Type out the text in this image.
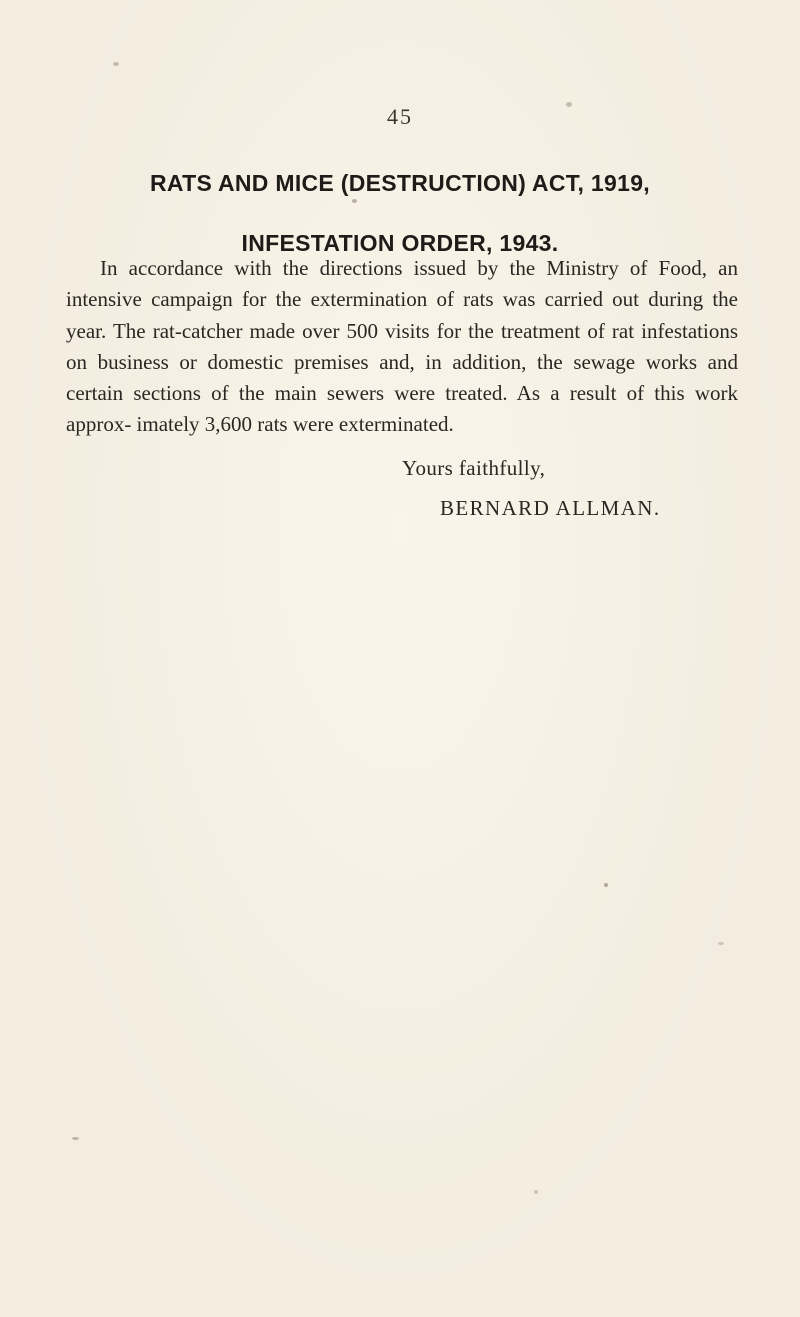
45
RATS AND MICE (DESTRUCTION) ACT, 1919,
INFESTATION ORDER, 1943.

In accordance with the directions issued by the Ministry of Food, an intensive campaign for the extermination of rats was carried out during the year. The rat-catcher made over 500 visits for the treatment of rat infestations on business or domestic premises and, in addition, the sewage works and certain sections of the main sewers were treated. As a result of this work approx- imately 3,600 rats were exterminated.

Yours faithfully,
BERNARD ALLMAN.
